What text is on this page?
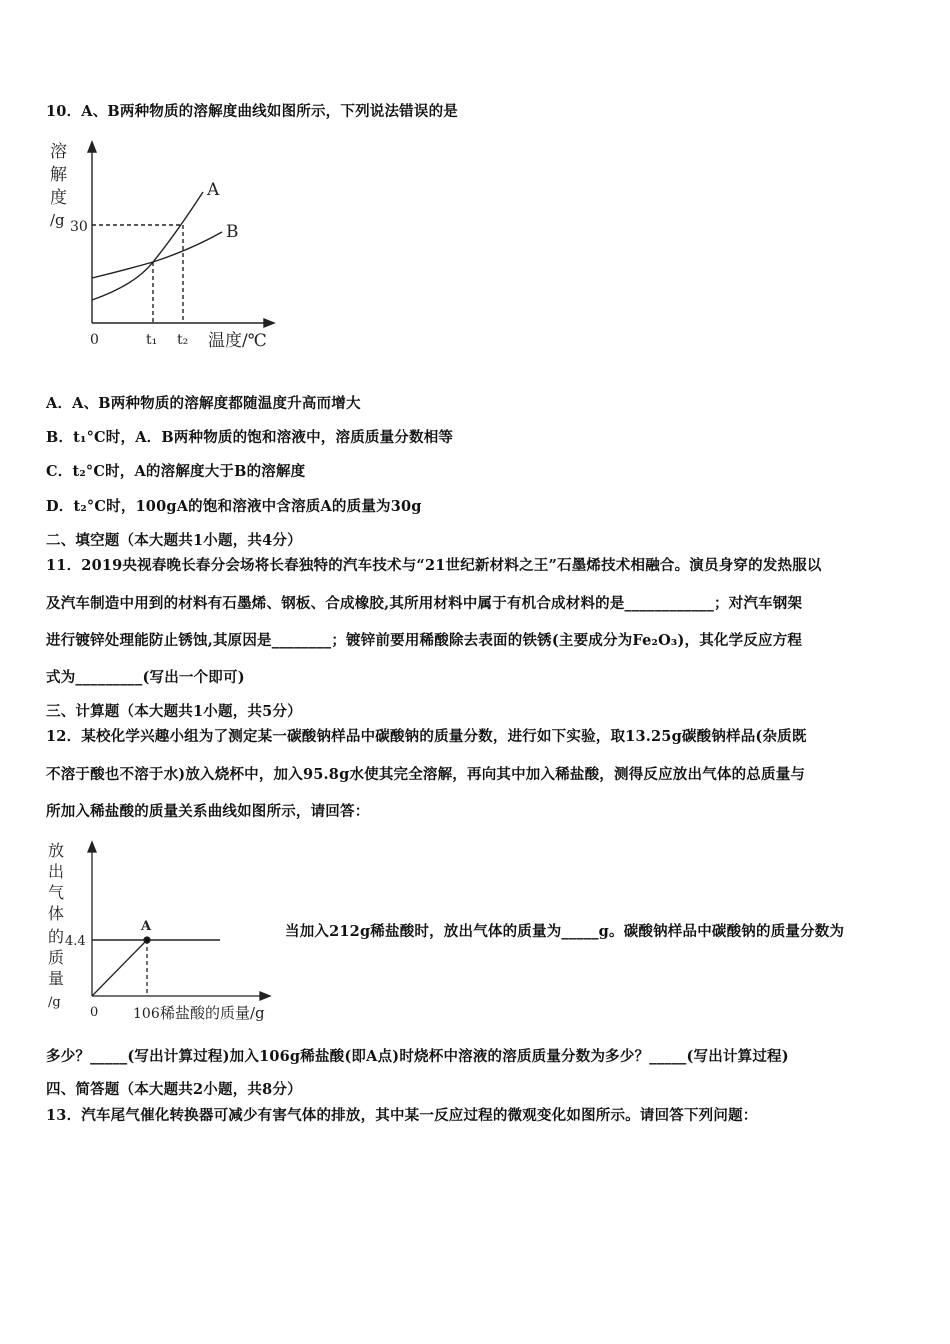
10．A、B两种物质的溶解度曲线如图所示，下列说法错误的是
溶
解
度
/g 30
0	t₁ t₂ 温度/℃
A
B
放
出
气
体
的
质
量
/g
4.4
A
0 106 稀盐酸的质量/g
A．A、B两种物质的溶解度都随温度升高而增大
B．t₁°C时，A．B两种物质的饱和溶液中，溶质质量分数相等
C．t₂°C时，A的溶解度大于B的溶解度
D．t₂°C时，100gA的饱和溶液中含溶质A的质量为30g
二、填空题（本大题共1小题，共4分）
11．2019央视春晚长春分会场将长春独特的汽车技术与“21世纪新材料之王”石墨烯技术相融合。演员身穿的发热服以
及汽车制造中用到的材料有石墨烯、钢板、合成橡胶,其所用材料中属于有机合成材料的是____________；对汽车钢架
进行镀锌处理能防止锈蚀,其原因是________；镀锌前要用稀酸除去表面的铁锈(主要成分为Fe₂O₃)，其化学反应方程
式为_________(写出一个即可)
三、计算题（本大题共1小题，共5分）
12．某校化学兴趣小组为了测定某一碳酸钠样品中碳酸钠的质量分数，进行如下实验，取13.25g碳酸钠样品(杂质既
不溶于酸也不溶于水)放入烧杯中，加入95.8g水使其完全溶解，再向其中加入稀盐酸，测得反应放出气体的总质量与
所加入稀盐酸的质量关系曲线如图所示，请回答：
当加入212g稀盐酸时，放出气体的质量为_____g。碳酸钠样品中碳酸钠的质量分数为
多少？_____(写出计算过程)加入106g稀盐酸(即A点)时烧杯中溶液的溶质质量分数为多少？_____(写出计算过程)
四、简答题（本大题共2小题，共8分）
13．汽车尾气催化转换器可减少有害气体的排放，其中某一反应过程的微观变化如图所示。请回答下列问题：
